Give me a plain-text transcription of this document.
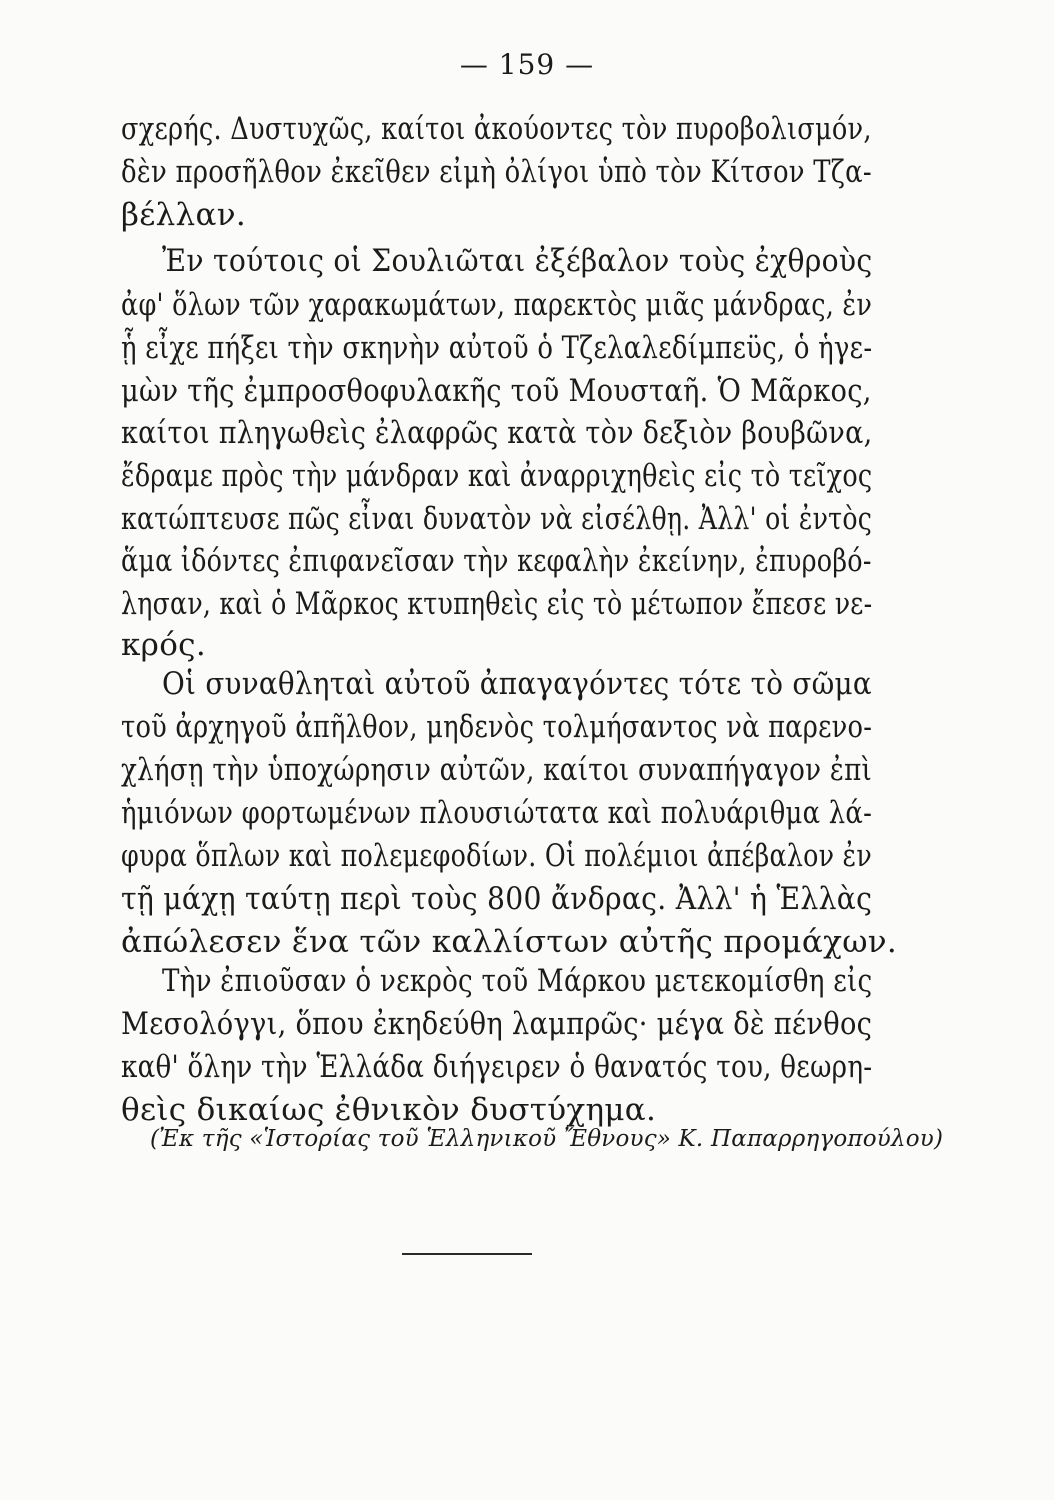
— 159 —
σχερής. Δυστυχῶς, καίτοι ἀκούοντες τὸν πυροβολισμόν,
δὲν προσῆλθον ἐκεῖθεν εἰμὴ ὀλίγοι ὑπὸ τὸν Κίτσον Τζα-
βέλλαν.
Ἐν τούτοις οἱ Σουλιῶται ἐξέβαλον τοὺς ἐχθροὺς
ἀφ' ὅλων τῶν χαρακωμάτων, παρεκτὸς μιᾶς μάνδρας, ἐν
ᾗ εἶχε πήξει τὴν σκηνὴν αὐτοῦ ὁ Τζελαλεδίμπεϋς, ὁ ἡγε-
μὼν τῆς ἐμπροσθοφυλακῆς τοῦ Μουσταῆ. Ὁ Μᾶρκος,
καίτοι πληγωθεὶς ἐλαφρῶς κατὰ τὸν δεξιὸν βουβῶνα,
ἔδραμε πρὸς τὴν μάνδραν καὶ ἀναρριχηθεὶς εἰς τὸ τεῖχος
κατώπτευσε πῶς εἶναι δυνατὸν νὰ εἰσέλθῃ. Ἀλλ' οἱ ἐντὸς
ἅμα ἰδόντες ἐπιφανεῖσαν τὴν κεφαλὴν ἐκείνην, ἐπυροβό-
λησαν, καὶ ὁ Μᾶρκος κτυπηθεὶς εἰς τὸ μέτωπον ἔπεσε νε-
κρός.
Οἱ συναθληταὶ αὐτοῦ ἀπαγαγόντες τότε τὸ σῶμα
τοῦ ἀρχηγοῦ ἀπῆλθον, μηδενὸς τολμήσαντος νὰ παρενο-
χλήσῃ τὴν ὑποχώρησιν αὐτῶν, καίτοι συναπήγαγον ἐπὶ
ἡμιόνων φορτωμένων πλουσιώτατα καὶ πολυάριθμα λά-
φυρα ὅπλων καὶ πολεμεφοδίων. Οἱ πολέμιοι ἀπέβαλον ἐν
τῇ μάχῃ ταύτῃ περὶ τοὺς 800 ἄνδρας. Ἀλλ' ἡ Ἑλλὰς
ἀπώλεσεν ἕνα τῶν καλλίστων αὐτῆς προμάχων.
Τὴν ἐπιοῦσαν ὁ νεκρὸς τοῦ Μάρκου μετεκομίσθη εἰς
Μεσολόγγι, ὅπου ἐκηδεύθη λαμπρῶς· μέγα δὲ πένθος
καθ' ὅλην τὴν Ἑλλάδα διήγειρεν ὁ θανατός του, θεωρη-
θεὶς δικαίως ἐθνικὸν δυστύχημα.
(Ἐκ τῆς «Ἱστορίας τοῦ Ἑλληνικοῦ Ἔθνους» Κ. Παπαρρηγοπούλου)
